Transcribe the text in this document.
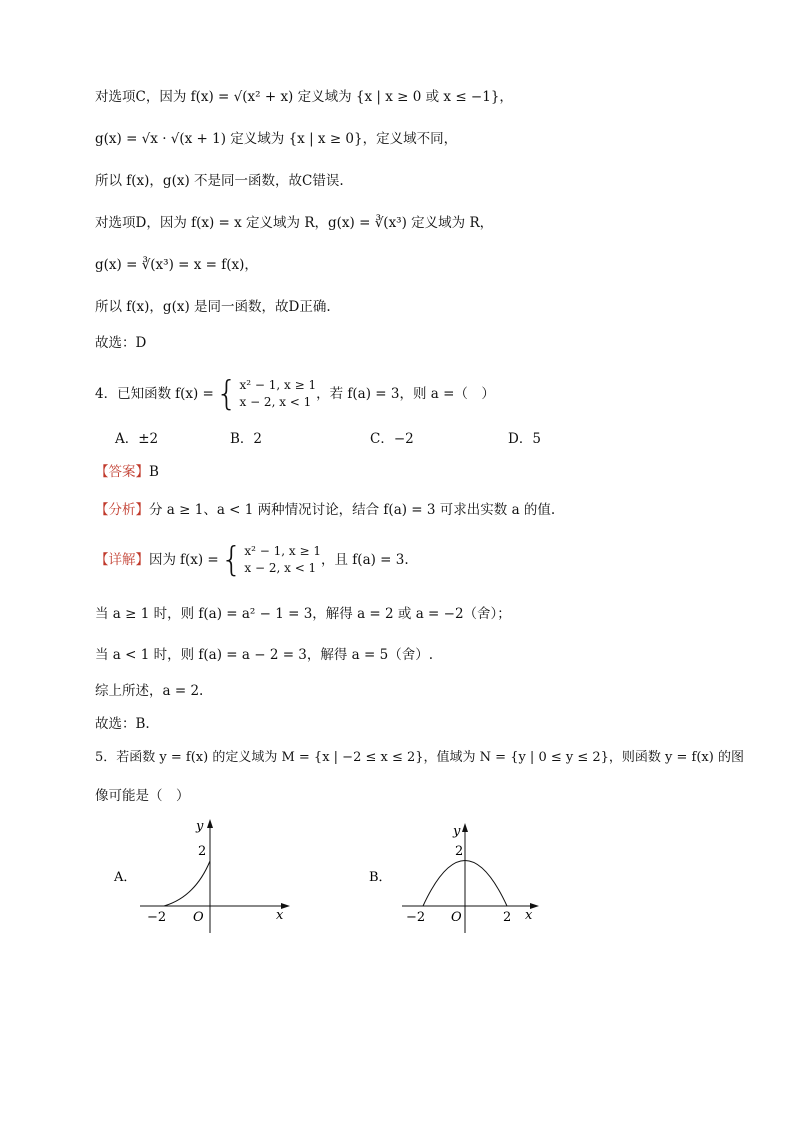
对选项C，因为 f(x) = √(x² + x) 定义域为 {x | x ≥ 0 或 x ≤ −1}，
g(x) = √x · √(x + 1) 定义域为 {x | x ≥ 0}，定义域不同，
所以 f(x)，g(x) 不是同一函数，故C错误.
对选项D，因为 f(x) = x 定义域为 R，g(x) = ∛(x³) 定义域为 R，
g(x) = ∛(x³) = x = f(x)，
所以 f(x)，g(x) 是同一函数，故D正确.
故选：D
4．已知函数 f(x) = { x² − 1, x ≥ 1
x − 2, x < 1 ，若 f(a) = 3，则 a =（　）
A．±2	B．2	C．−2	D．5
【答案】B
【分析】分 a ≥ 1、a < 1 两种情况讨论，结合 f(a) = 3 可求出实数 a 的值.
【详解】 因为 f(x) = { x² − 1, x ≥ 1
x − 2, x < 1 ，且 f(a) = 3.
当 a ≥ 1 时，则 f(a) = a² − 1 = 3，解得 a = 2 或 a = −2（舍）；
当 a < 1 时，则 f(a) = a − 2 = 3，解得 a = 5（舍）.
综上所述，a = 2.
故选：B.
5．若函数 y = f(x) 的定义域为 M = {x | −2 ≤ x ≤ 2}，值域为 N = {y | 0 ≤ y ≤ 2}，则函数 y = f(x) 的图
像可能是（　）
A．
y
2
−2 O	x
B．
y
2
−2 O	2 x
